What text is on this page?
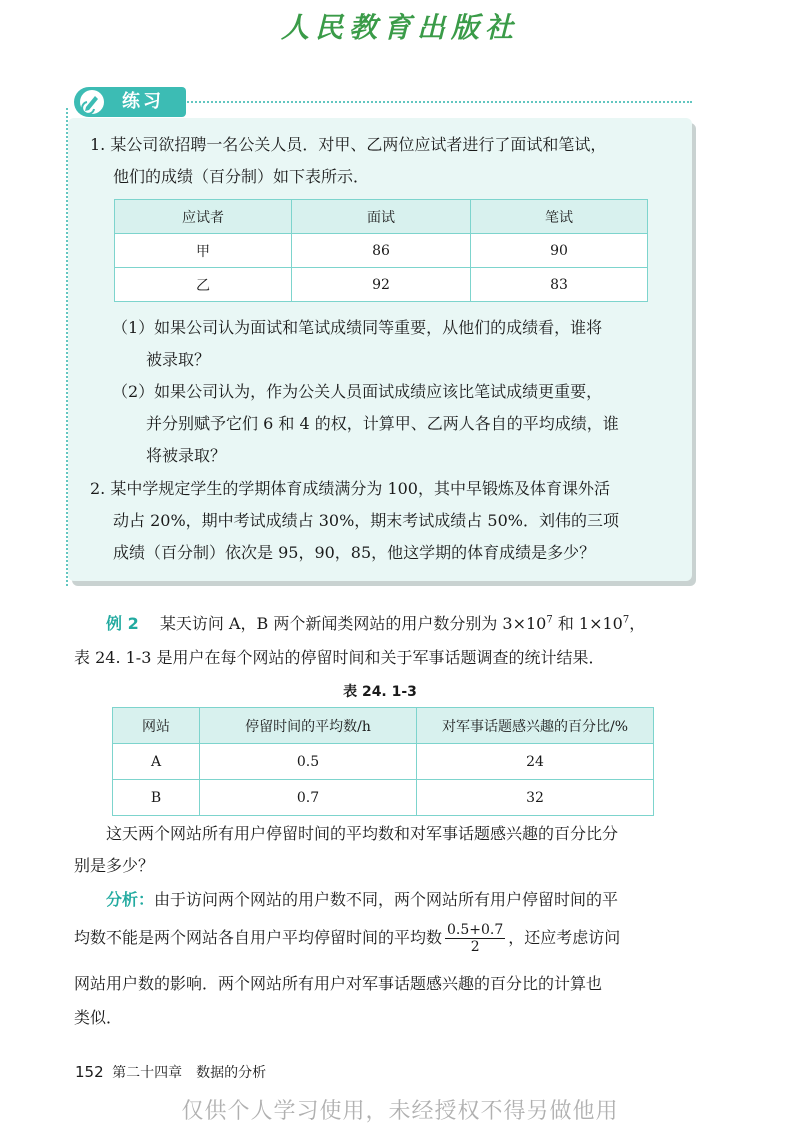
人民教育出版社
练习
1. 某公司欲招聘一名公关人员．对甲、乙两位应试者进行了面试和笔试，
他们的成绩（百分制）如下表所示．
应试者	面试	笔试
甲	86	90
乙	92	83
（1）如果公司认为面试和笔试成绩同等重要，从他们的成绩看，谁将
被录取？
（2）如果公司认为，作为公关人员面试成绩应该比笔试成绩更重要，
并分别赋予它们 6 和 4 的权，计算甲、乙两人各自的平均成绩，谁
将被录取？
2. 某中学规定学生的学期体育成绩满分为 100，其中早锻炼及体育课外活
动占 20%，期中考试成绩占 30%，期末考试成绩占 50%．刘伟的三项
成绩（百分制）依次是 95，90，85，他这学期的体育成绩是多少？
例 2 　 某天访问 A，B 两个新闻类网站的用户数分别为 $3\times 10^7$ 和 $1\times 10^7$，
表 24. 1-3 是用户在每个网站的停留时间和关于军事话题调查的统计结果．
表 24. 1-3
网站	停留时间的平均数/h	对军事话题感兴趣的百分比/%
A	0.5	24
B	0.7	32
这天两个网站所有用户停留时间的平均数和对军事话题感兴趣的百分比分
别是多少？
分析：由于访问两个网站的用户数不同，两个网站所有用户停留时间的平
均数不能是两个网站各自用户平均停留时间的平均数 $\frac{0.5+0.7}{2}$ ，还应考虑访问
网站用户数的影响．两个网站所有用户对军事话题感兴趣的百分比的计算也
类似．
152 第二十四章　数据的分析
仅供个人学习使用，未经授权不得另做他用
